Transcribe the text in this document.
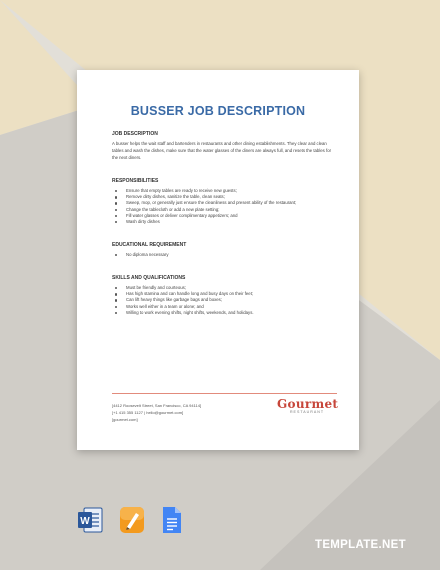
BUSSER JOB DESCRIPTION
JOB DESCRIPTION
A busser helps the wait staff and bartenders in restaurants and other dining establishments. They clear and clean tables and wash the dishes, make sure that the water glasses of the diners are always full, and resets the tables for the next diners.
RESPONSIBILITIES
Ensure that empty tables are ready to receive new guests;
Remove dirty dishes, sanitize the table, clean seats;
Sweep, mop, or generally just ensure the cleanliness and present ability of the restaurant;
Change the tablecloth or add a new plate setting;
Fill water glasses or deliver complimentary appetizers; and
Wash dirty dishes
EDUCATIONAL REQUIREMENT
No diploma necessary
SKILLS AND QUALIFICATIONS
Must be friendly and courteous;
Has high stamina and can handle long and busy days on their feet;
Can lift heavy things like garbage bags and boxes;
Works well either in a team or alone; and
Willing to work evening shifts, night shifts, weekends, and holidays.
[4412 Roosevelt Street, San Francisco, CA 94114]
[+1 415 355 1127 | hello@gourmet.com]
[gourmet.com]
Gourmet
RESTAURANT
W
TEMPLATE.NET
